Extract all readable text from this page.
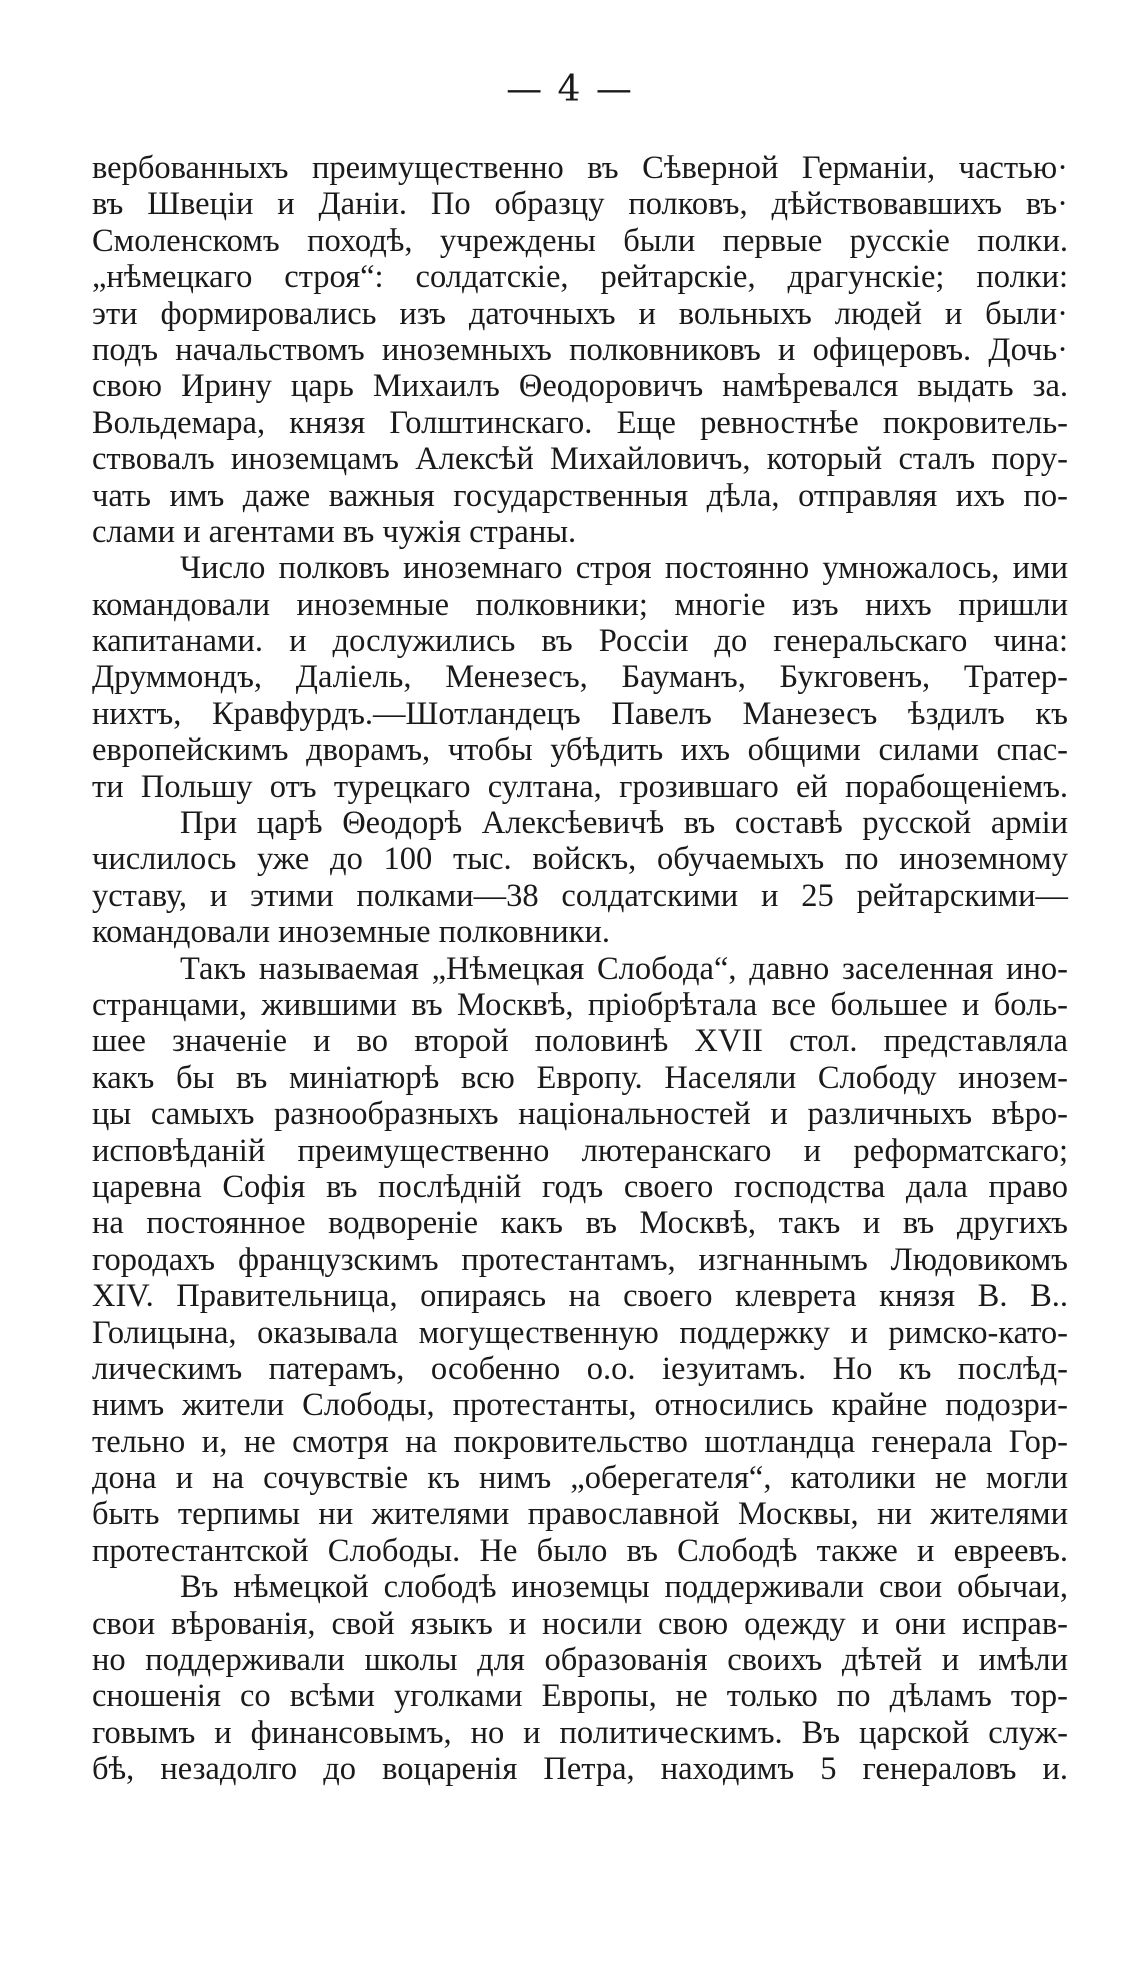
— 4 —
вербованныхъ преимущественно въ Сѣверной Германіи, частью·
въ Швеціи и Даніи. По образцу полковъ, дѣйствовавшихъ въ·
Смоленскомъ походѣ, учреждены были первые русскіе полки.
„нѣмецкаго строя“: солдатскіе, рейтарскіе, драгунскіе; полки:
эти формировались изъ даточныхъ и вольныхъ людей и были·
подъ начальствомъ иноземныхъ полковниковъ и офицеровъ. Дочь·
свою Ирину царь Михаилъ Θеодоровичъ намѣревался выдать за.
Вольдемара, князя Голштинскаго. Еще ревностнѣе покровитель-
ствовалъ иноземцамъ Алексѣй Михайловичъ, который сталъ пору-
чать имъ даже важныя государственныя дѣла, отправляя ихъ по-
слами и агентами въ чужія страны.
Число полковъ иноземнаго строя постоянно умножалось, ими
командовали иноземные полковники; многіе изъ нихъ пришли
капитанами. и дослужились въ Россіи до генеральскаго чина:
Друммондъ, Даліель, Менезесъ, Бауманъ, Букговенъ, Тратер-
нихтъ, Кравфурдъ.—Шотландецъ Павелъ Манезесъ ѣздилъ къ
европейскимъ дворамъ, чтобы убѣдить ихъ общими силами спас-
ти Польшу отъ турецкаго султана, грозившаго ей порабощеніемъ.
При царѣ Θеодорѣ Алексѣевичѣ въ составѣ русской арміи
числилось уже до 100 тыс. войскъ, обучаемыхъ по иноземному
уставу, и этими полками—38 солдатскими и 25 рейтарскими—
командовали иноземные полковники.
Такъ называемая „Нѣмецкая Слобода“, давно заселенная ино-
странцами, жившими въ Москвѣ, пріобрѣтала все большее и боль-
шее значеніе и во второй половинѣ XVII стол. представляла
какъ бы въ миніатюрѣ всю Европу. Населяли Слободу инозем-
цы самыхъ разнообразныхъ національностей и различныхъ вѣро-
исповѣданій преимущественно лютеранскаго и реформатскаго;
царевна Софія въ послѣдній годъ своего господства дала право
на постоянное водвореніе какъ въ Москвѣ, такъ и въ другихъ
городахъ французскимъ протестантамъ, изгнаннымъ Людовикомъ
XIV. Правительница, опираясь на своего клеврета князя В. В..
Голицына, оказывала могущественную поддержку и римско-като-
лическимъ патерамъ, особенно о.о. іезуитамъ. Но къ послѣд-
нимъ жители Слободы, протестанты, относились крайне подозри-
тельно и, не смотря на покровительство шотландца генерала Гор-
дона и на сочувствіе къ нимъ „оберегателя“, католики не могли
быть терпимы ни жителями православной Москвы, ни жителями
протестантской Слободы. Не было въ Слободѣ также и евреевъ.
Въ нѣмецкой слободѣ иноземцы поддерживали свои обычаи,
свои вѣрованія, свой языкъ и носили свою одежду и они исправ-
но поддерживали школы для образованія своихъ дѣтей и имѣли
сношенія со всѣми уголками Европы, не только по дѣламъ тор-
говымъ и финансовымъ, но и политическимъ. Въ царской служ-
бѣ, незадолго до воцаренія Петра, находимъ 5 генераловъ и.
